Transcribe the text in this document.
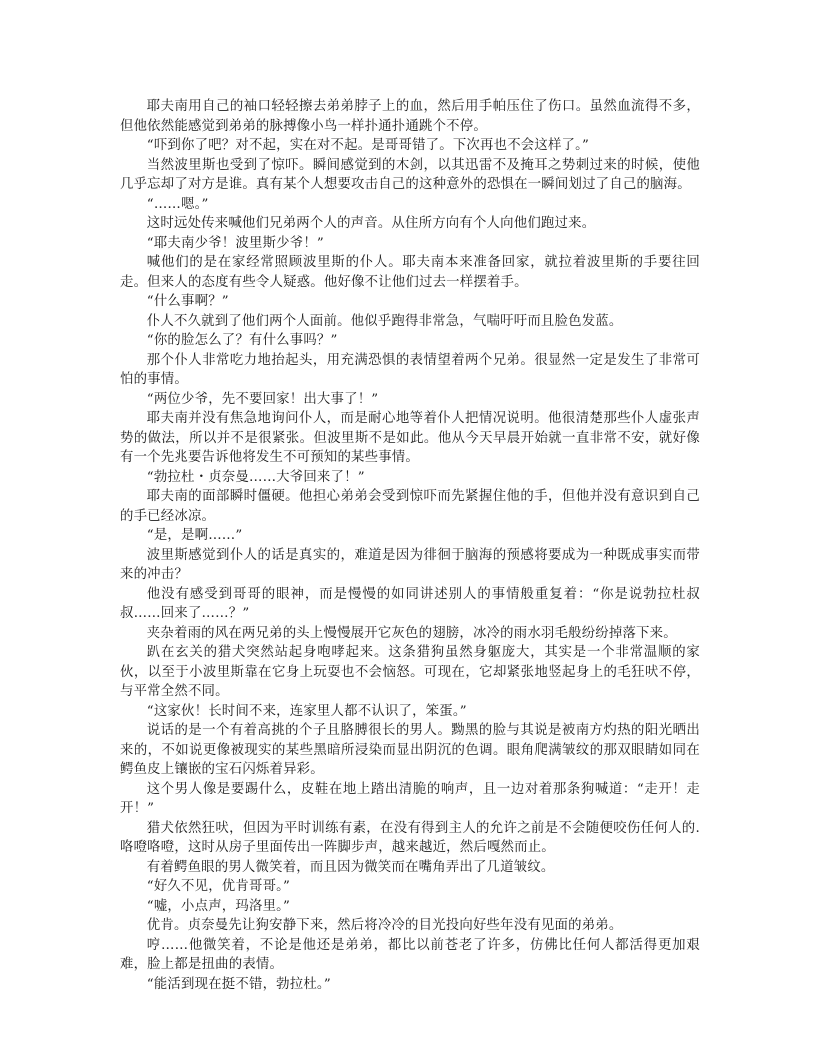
耶夫南用自己的袖口轻轻擦去弟弟脖子上的血，然后用手帕压住了伤口。虽然血流得不多，但他依然能感觉到弟弟的脉搏像小鸟一样扑通扑通跳个不停。

“吓到你了吧？对不起，实在对不起。是哥哥错了。下次再也不会这样了。”

当然波里斯也受到了惊吓。瞬间感觉到的木剑，以其迅雷不及掩耳之势刺过来的时候，使他几乎忘却了对方是谁。真有某个人想要攻击自己的这种意外的恐惧在一瞬间划过了自己的脑海。

“……嗯。”

这时远处传来喊他们兄弟两个人的声音。从住所方向有个人向他们跑过来。

“耶夫南少爷！波里斯少爷！”

喊他们的是在家经常照顾波里斯的仆人。耶夫南本来准备回家，就拉着波里斯的手要往回走。但来人的态度有些令人疑惑。他好像不让他们过去一样摆着手。

“什么事啊？”

仆人不久就到了他们两个人面前。他似乎跑得非常急，气喘吁吁而且脸色发蓝。

“你的脸怎么了？有什么事吗？”

那个仆人非常吃力地抬起头，用充满恐惧的表情望着两个兄弟。很显然一定是发生了非常可怕的事情。

“两位少爷，先不要回家！出大事了！”

耶夫南并没有焦急地询问仆人，而是耐心地等着仆人把情况说明。他很清楚那些仆人虚张声势的做法，所以并不是很紧张。但波里斯不是如此。他从今天早晨开始就一直非常不安，就好像有一个先兆要告诉他将发生不可预知的某些事情。

“勃拉杜・贞奈曼……大爷回来了！”

耶夫南的面部瞬时僵硬。他担心弟弟会受到惊吓而先紧握住他的手，但他并没有意识到自己的手已经冰凉。

“是，是啊……”

波里斯感觉到仆人的话是真实的，难道是因为徘徊于脑海的预感将要成为一种既成事实而带来的冲击？

他没有感受到哥哥的眼神，而是慢慢的如同讲述别人的事情般重复着：“你是说勃拉杜叔叔……回来了……？”

夹杂着雨的风在两兄弟的头上慢慢展开它灰色的翅膀，冰冷的雨水羽毛般纷纷掉落下来。

趴在玄关的猎犬突然站起身咆哮起来。这条猎狗虽然身躯庞大，其实是一个非常温顺的家伙，以至于小波里斯靠在它身上玩耍也不会恼怒。可现在，它却紧张地竖起身上的毛狂吠不停，与平常全然不同。

“这家伙！长时间不来，连家里人都不认识了，笨蛋。”

说话的是一个有着高挑的个子且胳膊很长的男人。黝黑的脸与其说是被南方灼热的阳光晒出来的，不如说更像被现实的某些黑暗所浸染而显出阴沉的色调。眼角爬满皱纹的那双眼睛如同在鳄鱼皮上镶嵌的宝石闪烁着异彩。

这个男人像是要踢什么，皮鞋在地上踏出清脆的响声，且一边对着那条狗喊道：“走开！走开！”

猎犬依然狂吠，但因为平时训练有素，在没有得到主人的允许之前是不会随便咬伤任何人的.咯噔咯噔，这时从房子里面传出一阵脚步声，越来越近，然后嘎然而止。

有着鳄鱼眼的男人微笑着，而且因为微笑而在嘴角弄出了几道皱纹。

“好久不见，优肯哥哥。”

“嘘，小点声，玛洛里。”

优肯。贞奈曼先让狗安静下来，然后将冷冷的目光投向好些年没有见面的弟弟。

哼……他微笑着，不论是他还是弟弟，都比以前苍老了许多，仿佛比任何人都活得更加艰难，脸上都是扭曲的表情。

“能活到现在挺不错，勃拉杜。”
